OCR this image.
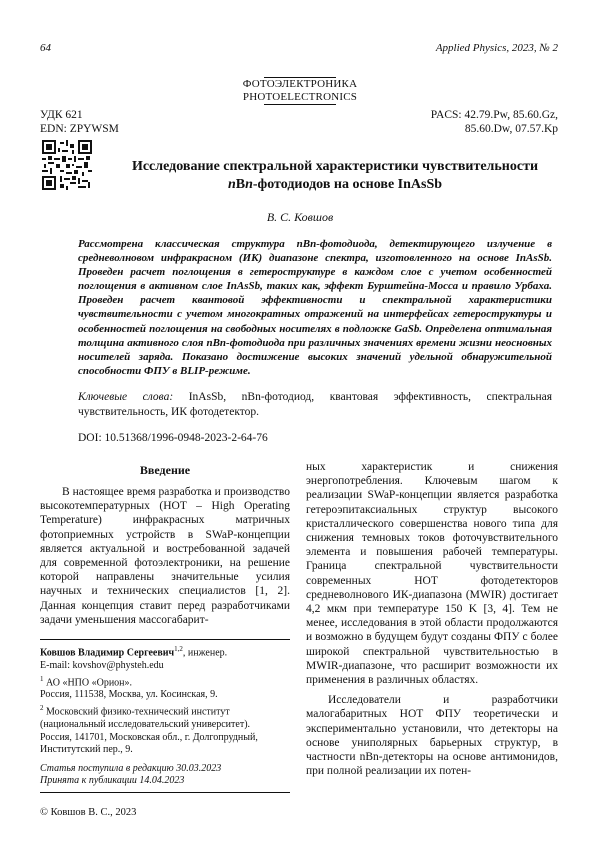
64	Applied Physics, 2023, № 2
ФОТОЭЛЕКТРОНИКА
PHOTOELECTRONICS
УДК 621
EDN: ZPYWSM
PACS: 42.79.Pw, 85.60.Gz,
85.60.Dw, 07.57.Kp
Исследование спектральной характеристики чувствительности
nBn-фотодиодов на основе InAsSb
В. С. Ковшов
Рассмотрена классическая структура nBn-фотодиода, детектирующего излучение в средневолновом инфракрасном (ИК) диапазоне спектра, изготовленного на основе InAsSb. Проведен расчет поглощения в гетероструктуре в каждом слое с учетом особенностей поглощения в активном слое InAsSb, таких как, эффект Бурштейна-Мосса и правило Урбаха. Проведен расчет квантовой эффективности и спектральной характеристики чувствительности с учетом многократных отражений на интерфейсах гетероструктуры и особенностей поглощения на свободных носителях в подложке GaSb. Определена оптимальная толщина активного слоя nBn-фотодиода при различных значениях времени жизни неосновных носителей заряда. Показано достижение высоких значений удельной обнаружительной способности ФПУ в BLIP-режиме.
Ключевые слова: InAsSb, nBn-фотодиод, квантовая эффективность, спектральная чувствительность, ИК фотодетектор.
DOI: 10.51368/1996-0948-2023-2-64-76
Введение

В настоящее время разработка и производство высокотемпературных (HOT – High Operating Temperature) инфракрасных матричных фотоприемных устройств в SWaP-концепции является актуальной и востребованной задачей для современной фотоэлектроники, на решение которой направлены значительные усилия научных и технических специалистов [1, 2]. Данная концепция ставит перед разработчиками задачи уменьшения массогабарит-

ных характеристик и снижения энергопотребления. Ключевым шагом к реализации SWaP-концепции является разработка гетероэпитаксиальных структур высокого кристаллического совершенства нового типа для снижения темновых токов фоточувствительного элемента и повышения рабочей температуры. Граница спектральной чувствительности современных HOT фотодетекторов средневолнового ИК-диапазона (MWIR) достигает 4,2 мкм при температуре 150 K [3, 4]. Тем не менее, исследования в этой области продолжаются и возможно в будущем будут созданы ФПУ с более широкой спектральной чувствительностью в MWIR-диапазоне, что расширит возможности их применения в различных областях.

Исследователи и разработчики малогабаритных HOT ФПУ теоретически и экспериментально установили, что детекторы на основе униполярных барьерных структур, в частности nBn-детекторы на основе антимонидов, при полной реализации их потен-

Ковшов Владимир Сергеевич$^{1,2}$, инженер.
E-mail: kovshov@physteh.edu
$^1$ АО «НПО «Орион».
Россия, 111538, Москва, ул. Косинская, 9.
$^2$ Московский физико-технический институт
(национальный исследовательский университет).
Россия, 141701, Московская обл., г. Долгопрудный,
Институтский пер., 9.
Статья поступила в редакцию 30.03.2023
Принята к публикации 14.04.2023
© Ковшов В. С., 2023
